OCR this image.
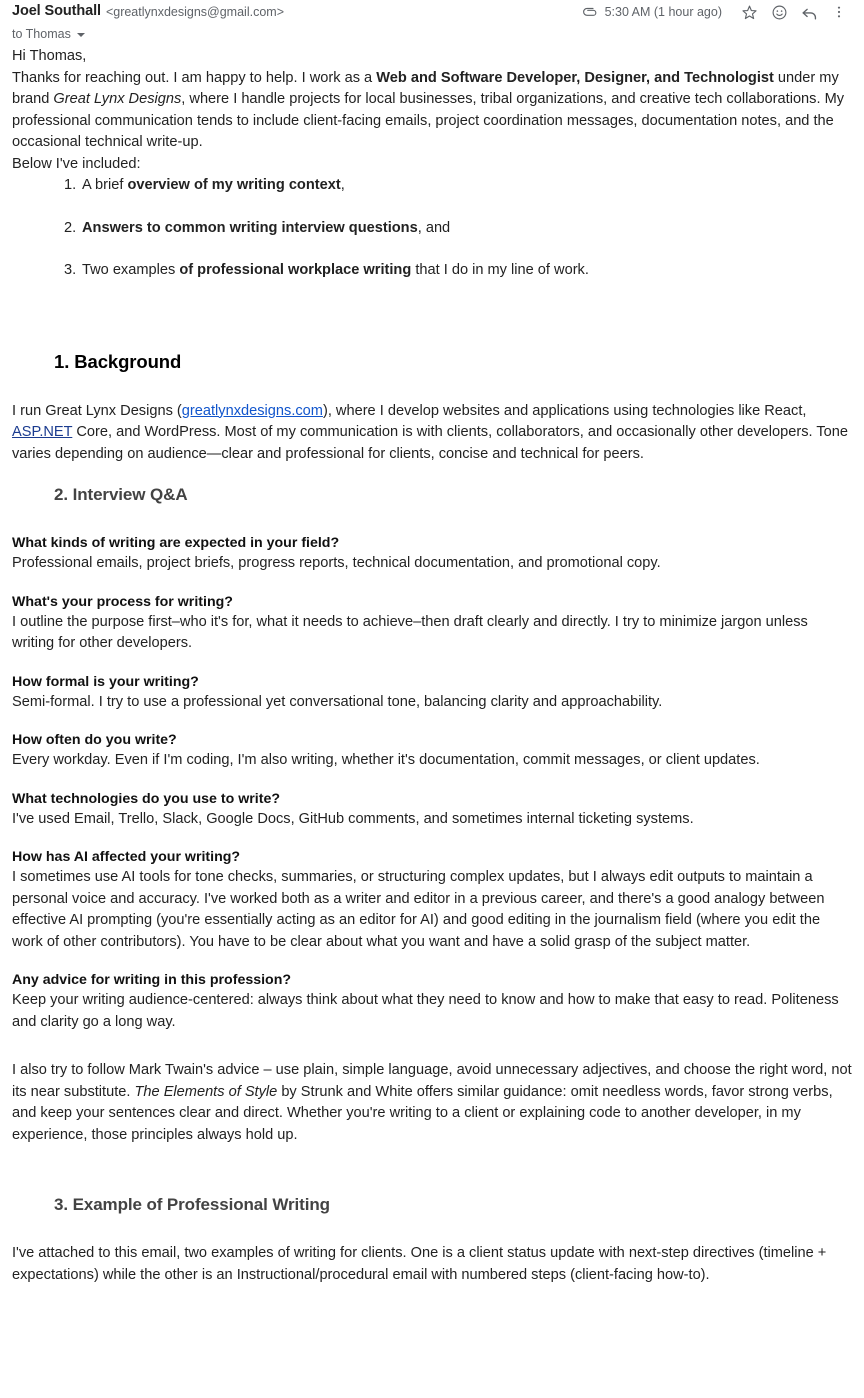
Joel Southall <greatlynxdesigns@gmail.com>	5:30 AM (1 hour ago)
to Thomas

Hi Thomas,

Thanks for reaching out. I am happy to help. I work as a Web and Software Developer, Designer, and Technologist under my brand Great Lynx Designs, where I handle projects for local businesses, tribal organizations, and creative tech collaborations. My professional communication tends to include client-facing emails, project coordination messages, documentation notes, and the occasional technical write-up.

Below I've included:

1. A brief overview of my writing context,
2. Answers to common writing interview questions, and
3. Two examples of professional workplace writing that I do in my line of work.
1. Background

I run Great Lynx Designs (greatlynxdesigns.com), where I develop websites and applications using technologies like React, ASP.NET Core, and WordPress. Most of my communication is with clients, collaborators, and occasionally other developers. Tone varies depending on audience—clear and professional for clients, concise and technical for peers.

2. Interview Q&A
What kinds of writing are expected in your field?
Professional emails, project briefs, progress reports, technical documentation, and promotional copy.
What's your process for writing?
I outline the purpose first–who it's for, what it needs to achieve–then draft clearly and directly. I try to minimize jargon unless writing for other developers.
How formal is your writing?
Semi-formal. I try to use a professional yet conversational tone, balancing clarity and approachability.
How often do you write?
Every workday. Even if I'm coding, I'm also writing, whether it's documentation, commit messages, or client updates.
What technologies do you use to write?
I've used Email, Trello, Slack, Google Docs, GitHub comments, and sometimes internal ticketing systems.
How has AI affected your writing?
I sometimes use AI tools for tone checks, summaries, or structuring complex updates, but I always edit outputs to maintain a personal voice and accuracy. I've worked both as a writer and editor in a previous career, and there's a good analogy between effective AI prompting (you're essentially acting as an editor for AI) and good editing in the journalism field (where you edit the work of other contributors). You have to be clear about what you want and have a solid grasp of the subject matter.
Any advice for writing in this profession?
Keep your writing audience-centered: always think about what they need to know and how to make that easy to read. Politeness and clarity go a long way.

I also try to follow Mark Twain's advice – use plain, simple language, avoid unnecessary adjectives, and choose the right word, not its near substitute. The Elements of Style by Strunk and White offers similar guidance: omit needless words, favor strong verbs, and keep your sentences clear and direct. Whether you're writing to a client or explaining code to another developer, in my experience, those principles always hold up.

3. Example of Professional Writing

I've attached to this email, two examples of writing for clients. One is a client status update with next-step directives (timeline + expectations) while the other is an Instructional/procedural email with numbered steps (client-facing how-to).
